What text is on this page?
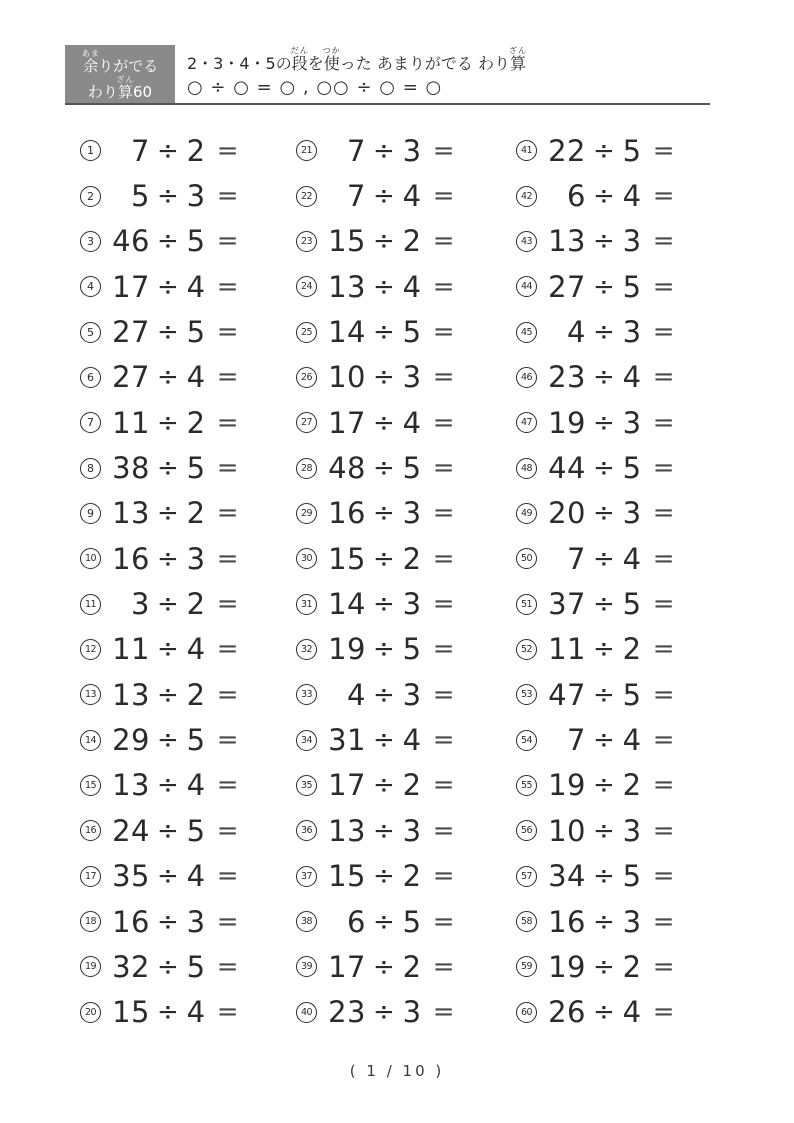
余あまりがでる
わり算ざん60
2・3・4・5の段だんを使つかった あまりがでる わり算ざん
○ ÷ ○ = ○ , ○○ ÷ ○ = ○
1	7 ÷ 2 =
2	5 ÷ 3 =
3 46 ÷ 5 =
4 17 ÷ 4 =
5 27 ÷ 5 =
6 27 ÷ 4 =
7 11 ÷ 2 =
8 38 ÷ 5 =
9 13 ÷ 2 =
10 16 ÷ 3 =
11	3 ÷ 2 =
12 11 ÷ 4 =
13 13 ÷ 2 =
14 29 ÷ 5 =
15 13 ÷ 4 =
16 24 ÷ 5 =
17 35 ÷ 4 =
18 16 ÷ 3 =
19 32 ÷ 5 =
20 15 ÷ 4 =
21	7 ÷ 3 =
22	7 ÷ 4 =
23 15 ÷ 2 =
24 13 ÷ 4 =
25 14 ÷ 5 =
26 10 ÷ 3 =
27 17 ÷ 4 =
28 48 ÷ 5 =
29 16 ÷ 3 =
30 15 ÷ 2 =
31 14 ÷ 3 =
32 19 ÷ 5 =
33	4 ÷ 3 =
34 31 ÷ 4 =
35 17 ÷ 2 =
36 13 ÷ 3 =
37 15 ÷ 2 =
38	6 ÷ 5 =
39 17 ÷ 2 =
40 23 ÷ 3 =
41 22 ÷ 5 =
42	6 ÷ 4 =
43 13 ÷ 3 =
44 27 ÷ 5 =
45	4 ÷ 3 =
46 23 ÷ 4 =
47 19 ÷ 3 =
48 44 ÷ 5 =
49 20 ÷ 3 =
50	7 ÷ 4 =
51 37 ÷ 5 =
52 11 ÷ 2 =
53 47 ÷ 5 =
54	7 ÷ 4 =
55 19 ÷ 2 =
56 10 ÷ 3 =
57 34 ÷ 5 =
58 16 ÷ 3 =
59 19 ÷ 2 =
60 26 ÷ 4 =
( 1 / 10 )
